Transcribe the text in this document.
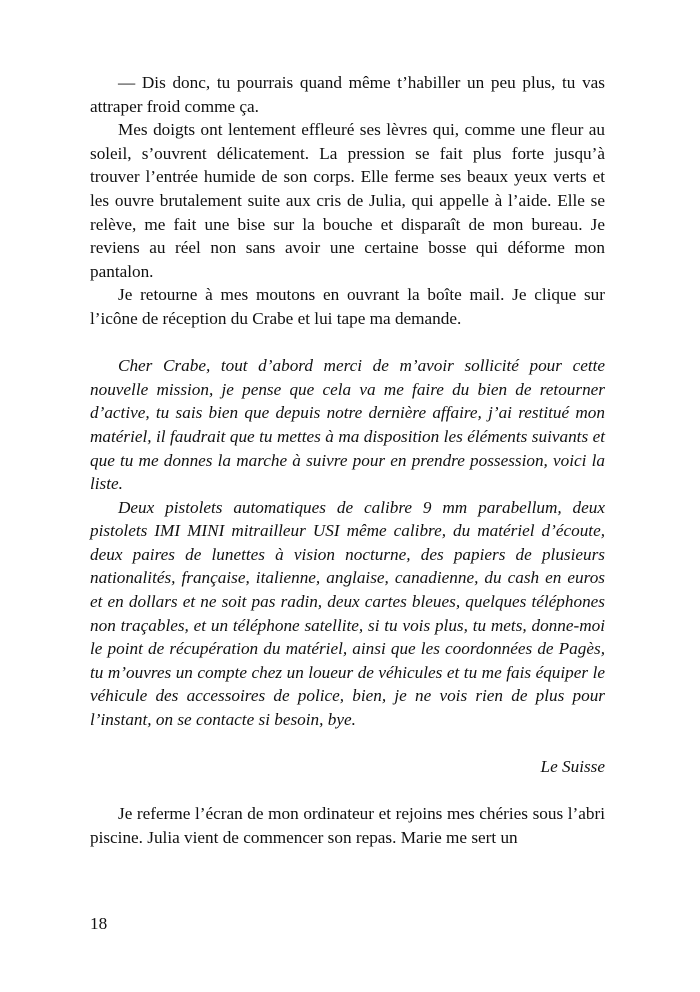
— Dis donc, tu pourrais quand même t’habiller un peu plus, tu vas attraper froid comme ça.

Mes doigts ont lentement effleuré ses lèvres qui, comme une fleur au soleil, s’ouvrent délicatement. La pression se fait plus forte jusqu’à trouver l’entrée humide de son corps. Elle ferme ses beaux yeux verts et les ouvre brutalement suite aux cris de Julia, qui appelle à l’aide. Elle se relève, me fait une bise sur la bouche et disparaît de mon bureau. Je reviens au réel non sans avoir une certaine bosse qui déforme mon pantalon.

Je retourne à mes moutons en ouvrant la boîte mail. Je clique sur l’icône de réception du Crabe et lui tape ma demande.

Cher Crabe, tout d’abord merci de m’avoir sollicité pour cette nouvelle mission, je pense que cela va me faire du bien de retourner d’active, tu sais bien que depuis notre dernière affaire, j’ai restitué mon matériel, il faudrait que tu mettes à ma disposition les éléments suivants et que tu me donnes la marche à suivre pour en prendre possession, voici la liste.

Deux pistolets automatiques de calibre 9 mm parabellum, deux pistolets IMI MINI mitrailleur USI même calibre, du matériel d’écoute, deux paires de lunettes à vision nocturne, des papiers de plusieurs nationalités, française, italienne, anglaise, canadienne, du cash en euros et en dollars et ne soit pas radin, deux cartes bleues, quelques téléphones non traçables, et un téléphone satellite, si tu vois plus, tu mets, donne-moi le point de récupération du matériel, ainsi que les coordonnées de Pagès, tu m’ouvres un compte chez un loueur de véhicules et tu me fais équiper le véhicule des accessoires de police, bien, je ne vois rien de plus pour l’instant, on se contacte si besoin, bye.

Le Suisse

Je referme l’écran de mon ordinateur et rejoins mes chéries sous l’abri piscine. Julia vient de commencer son repas. Marie me sert un

18
